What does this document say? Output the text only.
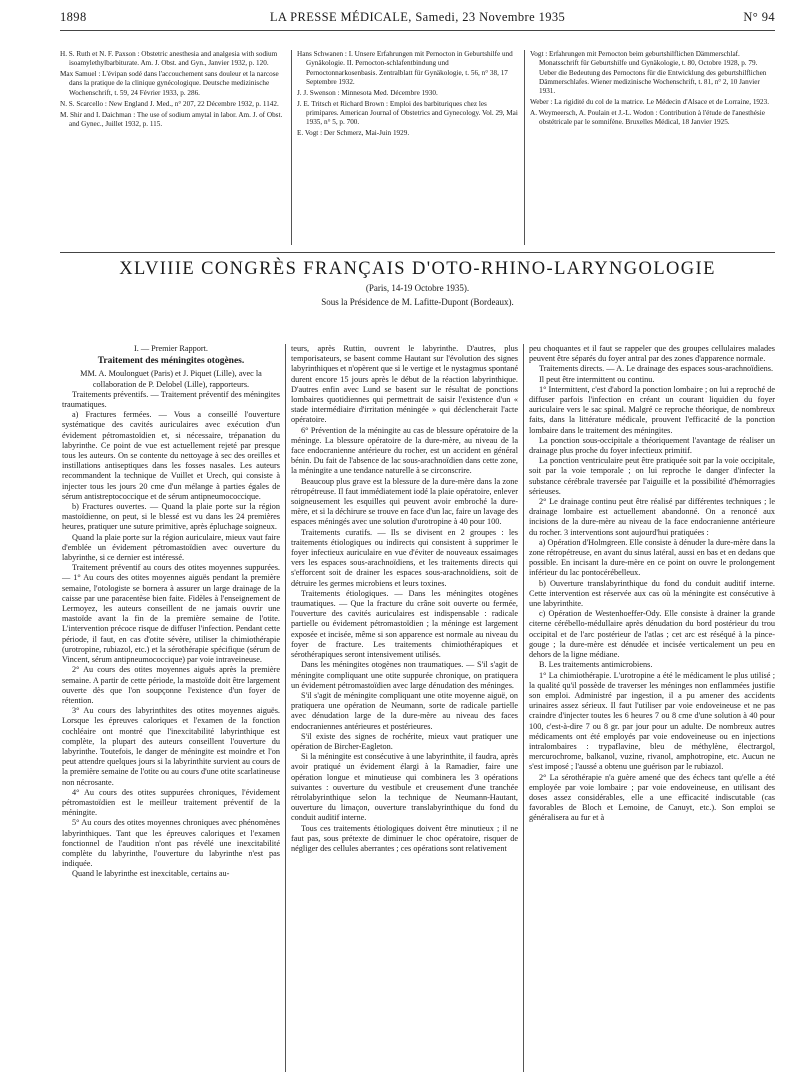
1898	LA PRESSE MÉDICALE, Samedi, 23 Novembre 1935	N° 94

H. S. Ruth et N. F. Paxson : Obstetric anesthesia and analgesia with sodium isoamylethylbarbiturate. Am. J. Obst. and Gyn., Janvier 1932, p. 120.

Max Samuel : L'évipan sodé dans l'accouchement sans douleur et la narcose dans la pratique de la clinique gynécologique. Deutsche medizinische Wochenschrift, t. 59, 24 Février 1933, p. 286.

N. S. Scarcello : New England J. Med., n° 207, 22 Décembre 1932, p. 1142.

M. Shir and I. Daichman : The use of sodium amytal in labor. Am. J. of Obst. and Gynec., Juillet 1932, p. 115.

Hans Schwanen : I. Unsere Erfahrungen mit Pernocton in Geburtshilfe und Gynäkologie. II. Pernocton-schlafentbindung und Pernoctonnarkosenbasis. Zentralblatt für Gynäkologie, t. 56, n° 38, 17 Septembre 1932.

J. J. Swenson : Minnesota Med. Décembre 1930.

J. E. Tritsch et Richard Brown : Emploi des barbituriques chez les primipares. American Journal of Obstetrics and Gynecology. Vol. 29, Mai 1935, n° 5, p. 700.

E. Vogt : Der Schmerz, Mai-Juin 1929.

Vogt : Erfahrungen mit Pernocton beim geburtshilflichen Dämmerschlaf. Monatsschrift für Geburtshilfe und Gynäkologie, t. 80, Octobre 1928, p. 79. Ueber die Bedeutung des Pernoctons für die Entwicklung des geburtshilflichen Dämmerschlafes. Wiener medizinische Wochenschrift, t. 81, n° 2, 10 Janvier 1931.

Weber : La rigidité du col de la matrice. Le Médecin d'Alsace et de Lorraine, 1923.

A. Weymeersch, A. Poulain et J.-L. Wodon : Contribution à l'étude de l'anesthésie obstétricale par le somnifène. Bruxelles Médical, 18 Janvier 1925.

XLVIIIE CONGRÈS FRANÇAIS D'OTO-RHINO-LARYNGOLOGIE
(Paris, 14-19 Octobre 1935).
Sous la Présidence de M. Lafitte-Dupont (Bordeaux).

I. — Premier Rapport.

Traitement des méningites otogènes.

MM. A. Moulonguet (Paris) et J. Piquet (Lille), avec la collaboration de P. Delobel (Lille), rapporteurs.

Traitements préventifs. — Traitement préventif des méningites traumatiques.

a) Fractures fermées. — Vous a conseillé l'ouverture systématique des cavités auriculaires avec exécution d'un évidement pétromastoïdien et, si nécessaire, trépanation du labyrinthe. Ce point de vue est actuellement rejeté par presque tous les auteurs. On se contente du nettoyage à sec des oreilles et instillations antiseptiques dans les fosses nasales. Les auteurs recommandent la technique de Vuillet et Urech, qui consiste à injecter tous les jours 20 cme d'un mélange à parties égales de sérum antistreptococcique et de sérum antipneumococcique.

b) Fractures ouvertes. — Quand la plaie porte sur la région mastoïdienne, on peut, si le blessé est vu dans les 24 premières heures, pratiquer une suture primitive, après épluchage soigneux.

Quand la plaie porte sur la région auriculaire, mieux vaut faire d'emblée un évidement pétromastoïdien avec ouverture du labyrinthe, si ce dernier est intéressé.

Traitement préventif au cours des otites moyennes suppurées. — 1° Au cours des otites moyennes aiguës pendant la première semaine, l'otologiste se bornera à assurer un large drainage de la caisse par une paracentèse bien faite. Fidèles à l'enseignement de Lermoyez, les auteurs conseillent de ne jamais ouvrir une mastoïde avant la fin de la première semaine de l'otite. L'intervention précoce risque de diffuser l'infection. Pendant cette période, il faut, en cas d'otite sévère, utiliser la chimiothérapie (urotropine, rubiazol, etc.) et la sérothérapie spécifique (sérum de Vincent, sérum antipneumococcique) par voie intraveineuse.

2° Au cours des otites moyennes aiguës après la première semaine. A partir de cette période, la mastoïde doit être largement ouverte dès que l'on soupçonne l'existence d'un foyer de rétention.

3° Au cours des labyrinthites des otites moyennes aiguës. Lorsque les épreuves caloriques et l'examen de la fonction cochléaire ont montré que l'inexcitabilité labyrinthique est complète, la plupart des auteurs conseillent l'ouverture du labyrinthe. Toutefois, le danger de méningite est moindre et l'on peut attendre quelques jours si la labyrinthite survient au cours de la première semaine de l'otite ou au cours d'une otite scarlatineuse non nécrosante.

4° Au cours des otites suppurées chroniques, l'évidement pétromastoïdien est le meilleur traitement préventif de la méningite.

5° Au cours des otites moyennes chroniques avec phénomènes labyrinthiques. Tant que les épreuves caloriques et l'examen fonctionnel de l'audition n'ont pas révélé une inexcitabilité complète du labyrinthe, l'ouverture du labyrinthe n'est pas indiquée.

Quand le labyrinthe est inexcitable, certains au-

teurs, après Ruttin, ouvrent le labyrinthe. D'autres, plus temporisateurs, se basent comme Hautant sur l'évolution des signes labyrinthiques et n'opèrent que si le vertige et le nystagmus spontané durent encore 15 jours après le début de la réaction labyrinthique. D'autres enfin avec Lund se basent sur le résultat de ponctions lombaires quotidiennes qui permettrait de saisir l'existence d'un « stade intermédiaire d'irritation méningée » qui déclencherait l'acte opératoire.

6° Prévention de la méningite au cas de blessure opératoire de la méninge. La blessure opératoire de la dure-mère, au niveau de la face endocranienne antérieure du rocher, est un accident en général bénin. Du fait de l'absence de lac sous-arachnoïdien dans cette zone, la méningite a une tendance naturelle à se circonscrire.

Beaucoup plus grave est la blessure de la dure-mère dans la zone rétropétreuse. Il faut immédiatement iodé la plaie opératoire, enlever soigneusement les esquilles qui peuvent avoir embroché la dure-mère, et si la déchirure se trouve en face d'un lac, faire un lavage des espaces méningés avec une solution d'urotropine à 40 pour 100.

Traitements curatifs. — Ils se divisent en 2 groupes : les traitements étiologiques ou indirects qui consistent à supprimer le foyer infectieux auriculaire en vue d'éviter de nouveaux essaimages vers les espaces sous-arachnoïdiens, et les traitements directs qui s'efforcent soit de drainer les espaces sous-arachnoïdiens, soit de détruire les germes microbiens et leurs toxines.

Traitements étiologiques. — Dans les méningites otogènes traumatiques. — Que la fracture du crâne soit ouverte ou fermée, l'ouverture des cavités auriculaires est indispensable : radicale partielle ou évidement pétromastoïdien ; la méninge est largement exposée et incisée, même si son apparence est normale au niveau du foyer de fracture. Les traitements chimiothérapiques et sérothérapiques seront intensivement utilisés.

Dans les méningites otogènes non traumatiques. — S'il s'agit de méningite compliquant une otite suppurée chronique, on pratiquera un évidement pétromastoïdien avec large dénudation des méninges.

S'il s'agit de méningite compliquant une otite moyenne aiguë, on pratiquera une opération de Neumann, sorte de radicale partielle avec dénudation large de la dure-mère au niveau des faces endocraniennes antérieures et postérieures.

S'il existe des signes de rochérite, mieux vaut pratiquer une opération de Bircher-Eagleton.

Si la méningite est consécutive à une labyrinthite, il faudra, après avoir pratiqué un évidement élargi à la Ramadier, faire une opération longue et minutieuse qui combinera les 3 opérations suivantes : ouverture du vestibule et creusement d'une tranchée rétrolabyrinthique selon la technique de Neumann-Hautant, ouverture du limaçon, ouverture translabyrinthique du fond du conduit auditif interne.

Tous ces traitements étiologiques doivent être minutieux ; il ne faut pas, sous prétexte de diminuer le choc opératoire, risquer de négliger des cellules aberrantes ; ces opérations sont relativement

peu choquantes et il faut se rappeler que des groupes cellulaires malades peuvent être séparés du foyer antral par des zones d'apparence normale.

Traitements directs. — A. Le drainage des espaces sous-arachnoïdiens.

Il peut être intermittent ou continu.

1° Intermittent, c'est d'abord la ponction lombaire ; on lui a reproché de diffuser parfois l'infection en créant un courant liquidien du foyer auriculaire vers le sac spinal. Malgré ce reproche théorique, de nombreux faits, dans la littérature médicale, prouvent l'efficacité de la ponction lombaire dans le traitement des méningites.

La ponction sous-occipitale a théoriquement l'avantage de réaliser un drainage plus proche du foyer infectieux primitif.

La ponction ventriculaire peut être pratiquée soit par la voie occipitale, soit par la voie temporale ; on lui reproche le danger d'infecter la substance cérébrale traversée par l'aiguille et la possibilité d'hémorragies sérieuses.

2° Le drainage continu peut être réalisé par différentes techniques ; le drainage lombaire est actuellement abandonné. On a renoncé aux incisions de la dure-mère au niveau de la face endocranienne antérieure du rocher. 3 interventions sont aujourd'hui pratiquées :

a) Opération d'Holmgreen. Elle consiste à dénuder la dure-mère dans la zone rétropétreuse, en avant du sinus latéral, aussi en bas et en dedans que possible. En incisant la dure-mère en ce point on ouvre le prolongement inférieur du lac pontocérébelleux.

b) Ouverture translabyrinthique du fond du conduit auditif interne. Cette intervention est réservée aux cas où la méningite est consécutive à une labyrinthite.

c) Opération de Westenhoeffer-Ody. Elle consiste à drainer la grande citerne cérébello-médullaire après dénudation du bord postérieur du trou occipital et de l'arc postérieur de l'atlas ; cet arc est réséqué à la pince-gouge ; la dure-mère est dénudée et incisée verticalement un peu en dehors de la ligne médiane.

B. Les traitements antimicrobiens.

1° La chimiothérapie. L'urotropine a été le médicament le plus utilisé ; la qualité qu'il possède de traverser les méninges non enflammées justifie son emploi. Administré par ingestion, il a pu amener des accidents urinaires assez sérieux. Il faut l'utiliser par voie endoveineuse et ne pas craindre d'injecter toutes les 6 heures 7 ou 8 cme d'une solution à 40 pour 100, c'est-à-dire 7 ou 8 gr. par jour pour un adulte. De nombreux autres médicaments ont été employés par voie endoveineuse ou en injections intralombaires : trypaflavine, bleu de méthylène, électrargol, mercurochrome, balkanol, vuzine, rivanol, amphotropine, etc. Aucun ne s'est imposé ; l'aussé a obtenu une guérison par le rubiazol.

2° La sérothérapie n'a guère amené que des échecs tant qu'elle a été employée par voie lombaire ; par voie endoveineuse, en utilisant des doses assez considérables, elle a une efficacité indiscutable (cas favorables de Bloch et Lemoine, de Canuyt, etc.). Son emploi se généralisera au fur et à
